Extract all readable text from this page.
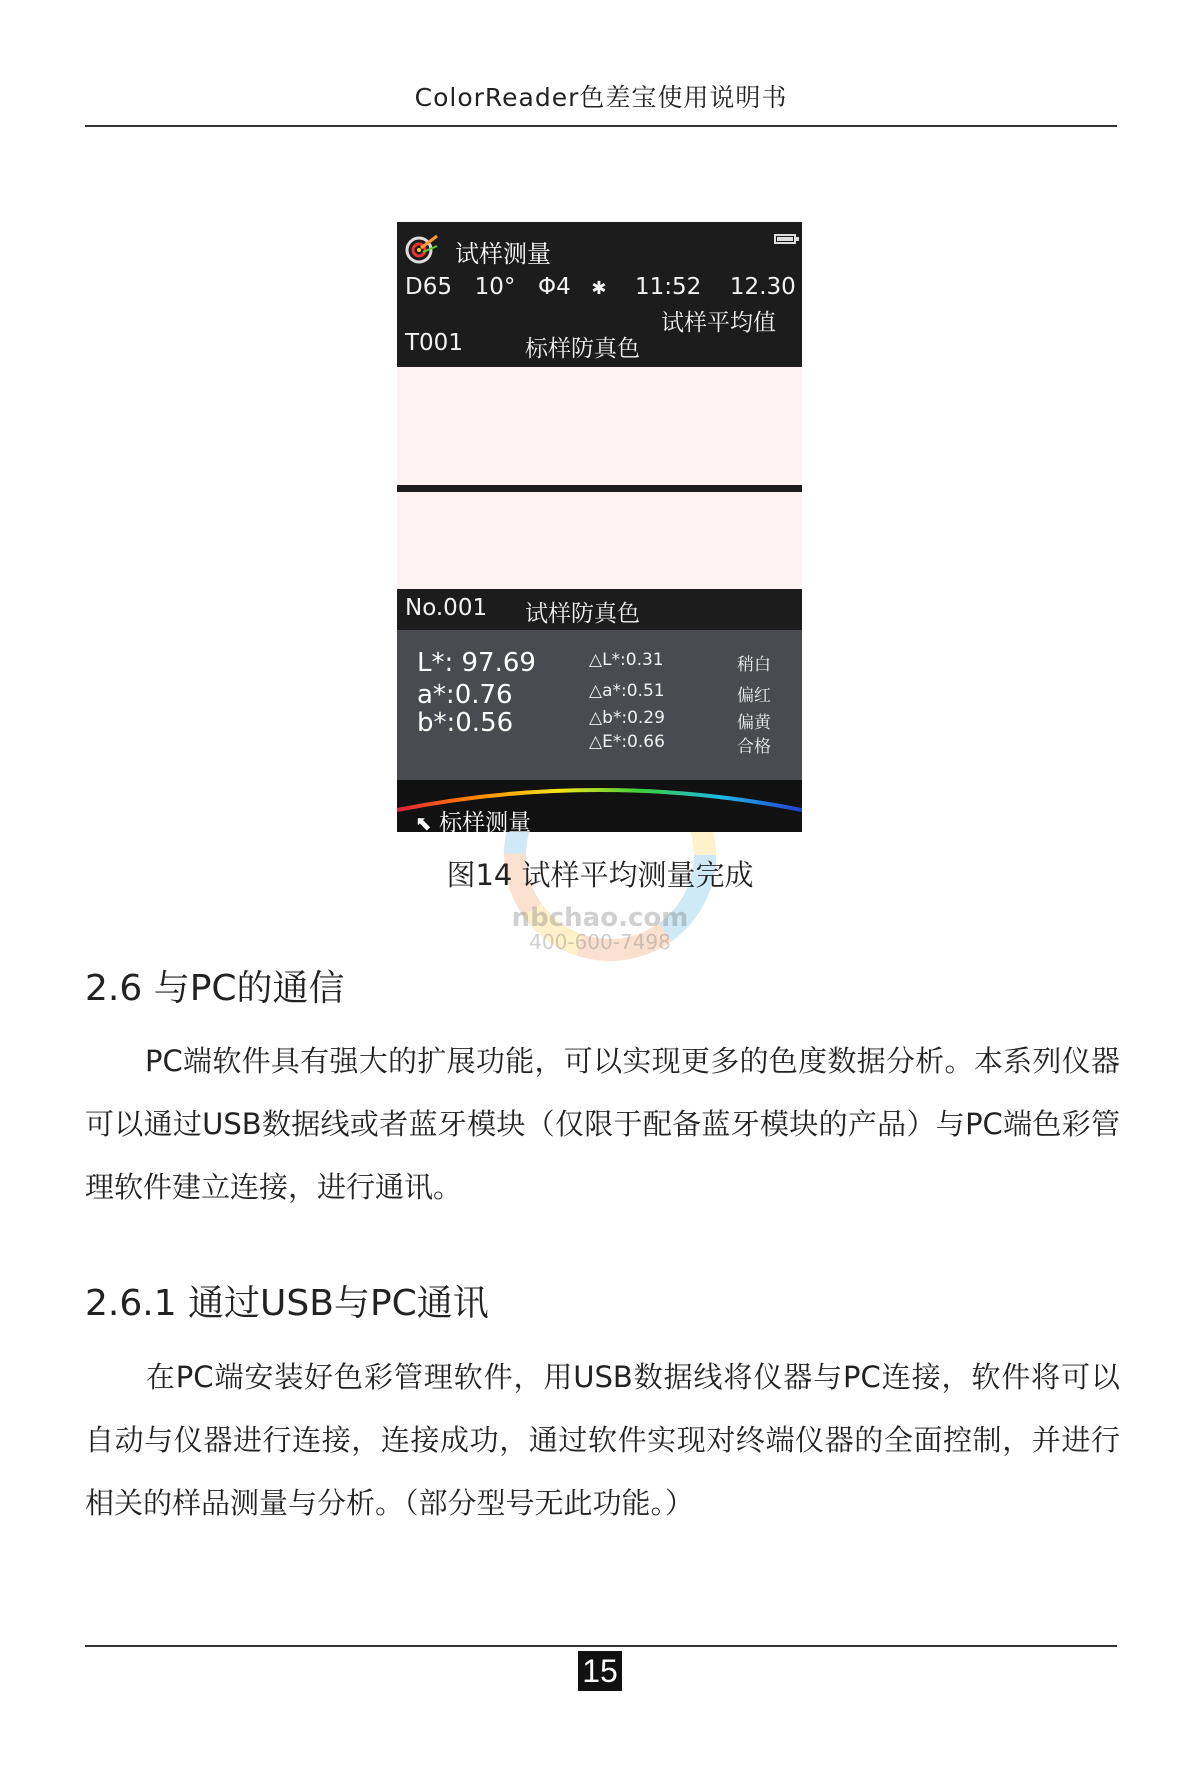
ColorReader色差宝使用说明书
nbchao.com
400-600-7498
试样测量
D65 10° Φ4 ✱ 11:52 12.30
试样平均值
T001	标样防真色
No.001 试样防真色
L*: 97.69
a*:0.76
b*:0.56
△L*:0.31
△a*:0.51
△b*:0.29
△E*:0.66
稍白
偏红
偏黄
合格
⬉ 标样测量
图14 试样平均测量完成
2.6 与PC的通信
PC端软件具有强大的扩展功能，可以实现更多的色度数据分析。本系列仪器可以通过USB数据线或者蓝牙模块（仅限于配备蓝牙模块的产品）与PC端色彩管理软件建立连接，进行通讯。
2.6.1 通过USB与PC通讯
在PC端安装好色彩管理软件，用USB数据线将仪器与PC连接，软件将可以自动与仪器进行连接，连接成功，通过软件实现对终端仪器的全面控制，并进行相关的样品测量与分析。（部分型号无此功能。）
15
